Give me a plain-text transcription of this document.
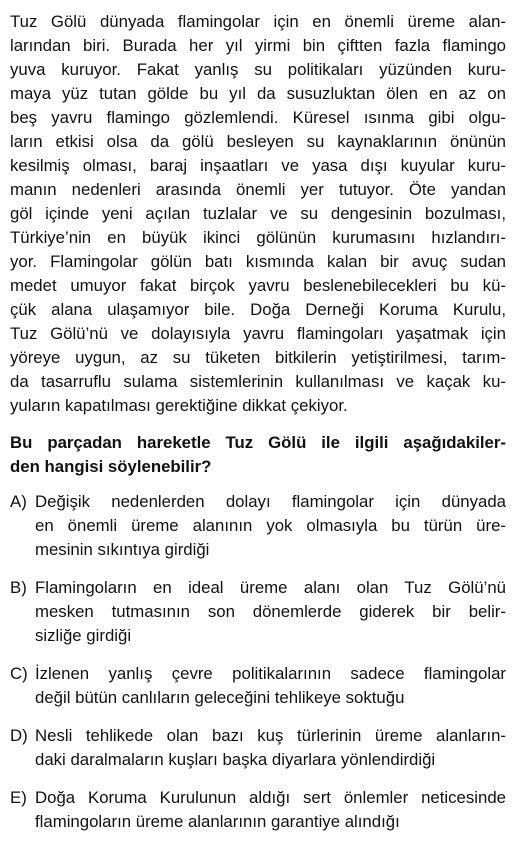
Tuz Gölü dünyada flamingolar için en önemli üreme alan-
larından biri. Burada her yıl yirmi bin çiftten fazla flamingo
yuva kuruyor. Fakat yanlış su politikaları yüzünden kuru-
maya yüz tutan gölde bu yıl da susuzluktan ölen en az on
beş yavru flamingo gözlemlendi. Küresel ısınma gibi olgu-
ların etkisi olsa da gölü besleyen su kaynaklarının önünün
kesilmiş olması, baraj inşaatları ve yasa dışı kuyular kuru-
manın nedenleri arasında önemli yer tutuyor. Öte yandan
göl içinde yeni açılan tuzlalar ve su dengesinin bozulması,
Türkiye’nin en büyük ikinci gölünün kurumasını hızlandırı-
yor. Flamingolar gölün batı kısmında kalan bir avuç sudan
medet umuyor fakat birçok yavru beslenebilecekleri bu kü-
çük alana ulaşamıyor bile. Doğa Derneği Koruma Kurulu,
Tuz Gölü’nü ve dolayısıyla yavru flamingoları yaşatmak için
yöreye uygun, az su tüketen bitkilerin yetiştirilmesi, tarım-
da tasarruflu sulama sistemlerinin kullanılması ve kaçak ku-
yuların kapatılması gerektiğine dikkat çekiyor.
Bu parçadan hareketle Tuz Gölü ile ilgili aşağıdakiler-
den hangisi söylenebilir?
A) Değişik nedenlerden dolayı flamingolar için dünyada
en önemli üreme alanının yok olmasıyla bu türün üre-
mesinin sıkıntıya girdiği
B) Flamingoların en ideal üreme alanı olan Tuz Gölü’nü
mesken tutmasının son dönemlerde giderek bir belir-
sizliğe girdiği
C) İzlenen yanlış çevre politikalarının sadece flamingolar
değil bütün canlıların geleceğini tehlikeye soktuğu
D) Nesli tehlikede olan bazı kuş türlerinin üreme alanların-
daki daralmaların kuşları başka diyarlara yönlendirdiği
E) Doğa Koruma Kurulunun aldığı sert önlemler neticesinde
flamingoların üreme alanlarının garantiye alındığı
